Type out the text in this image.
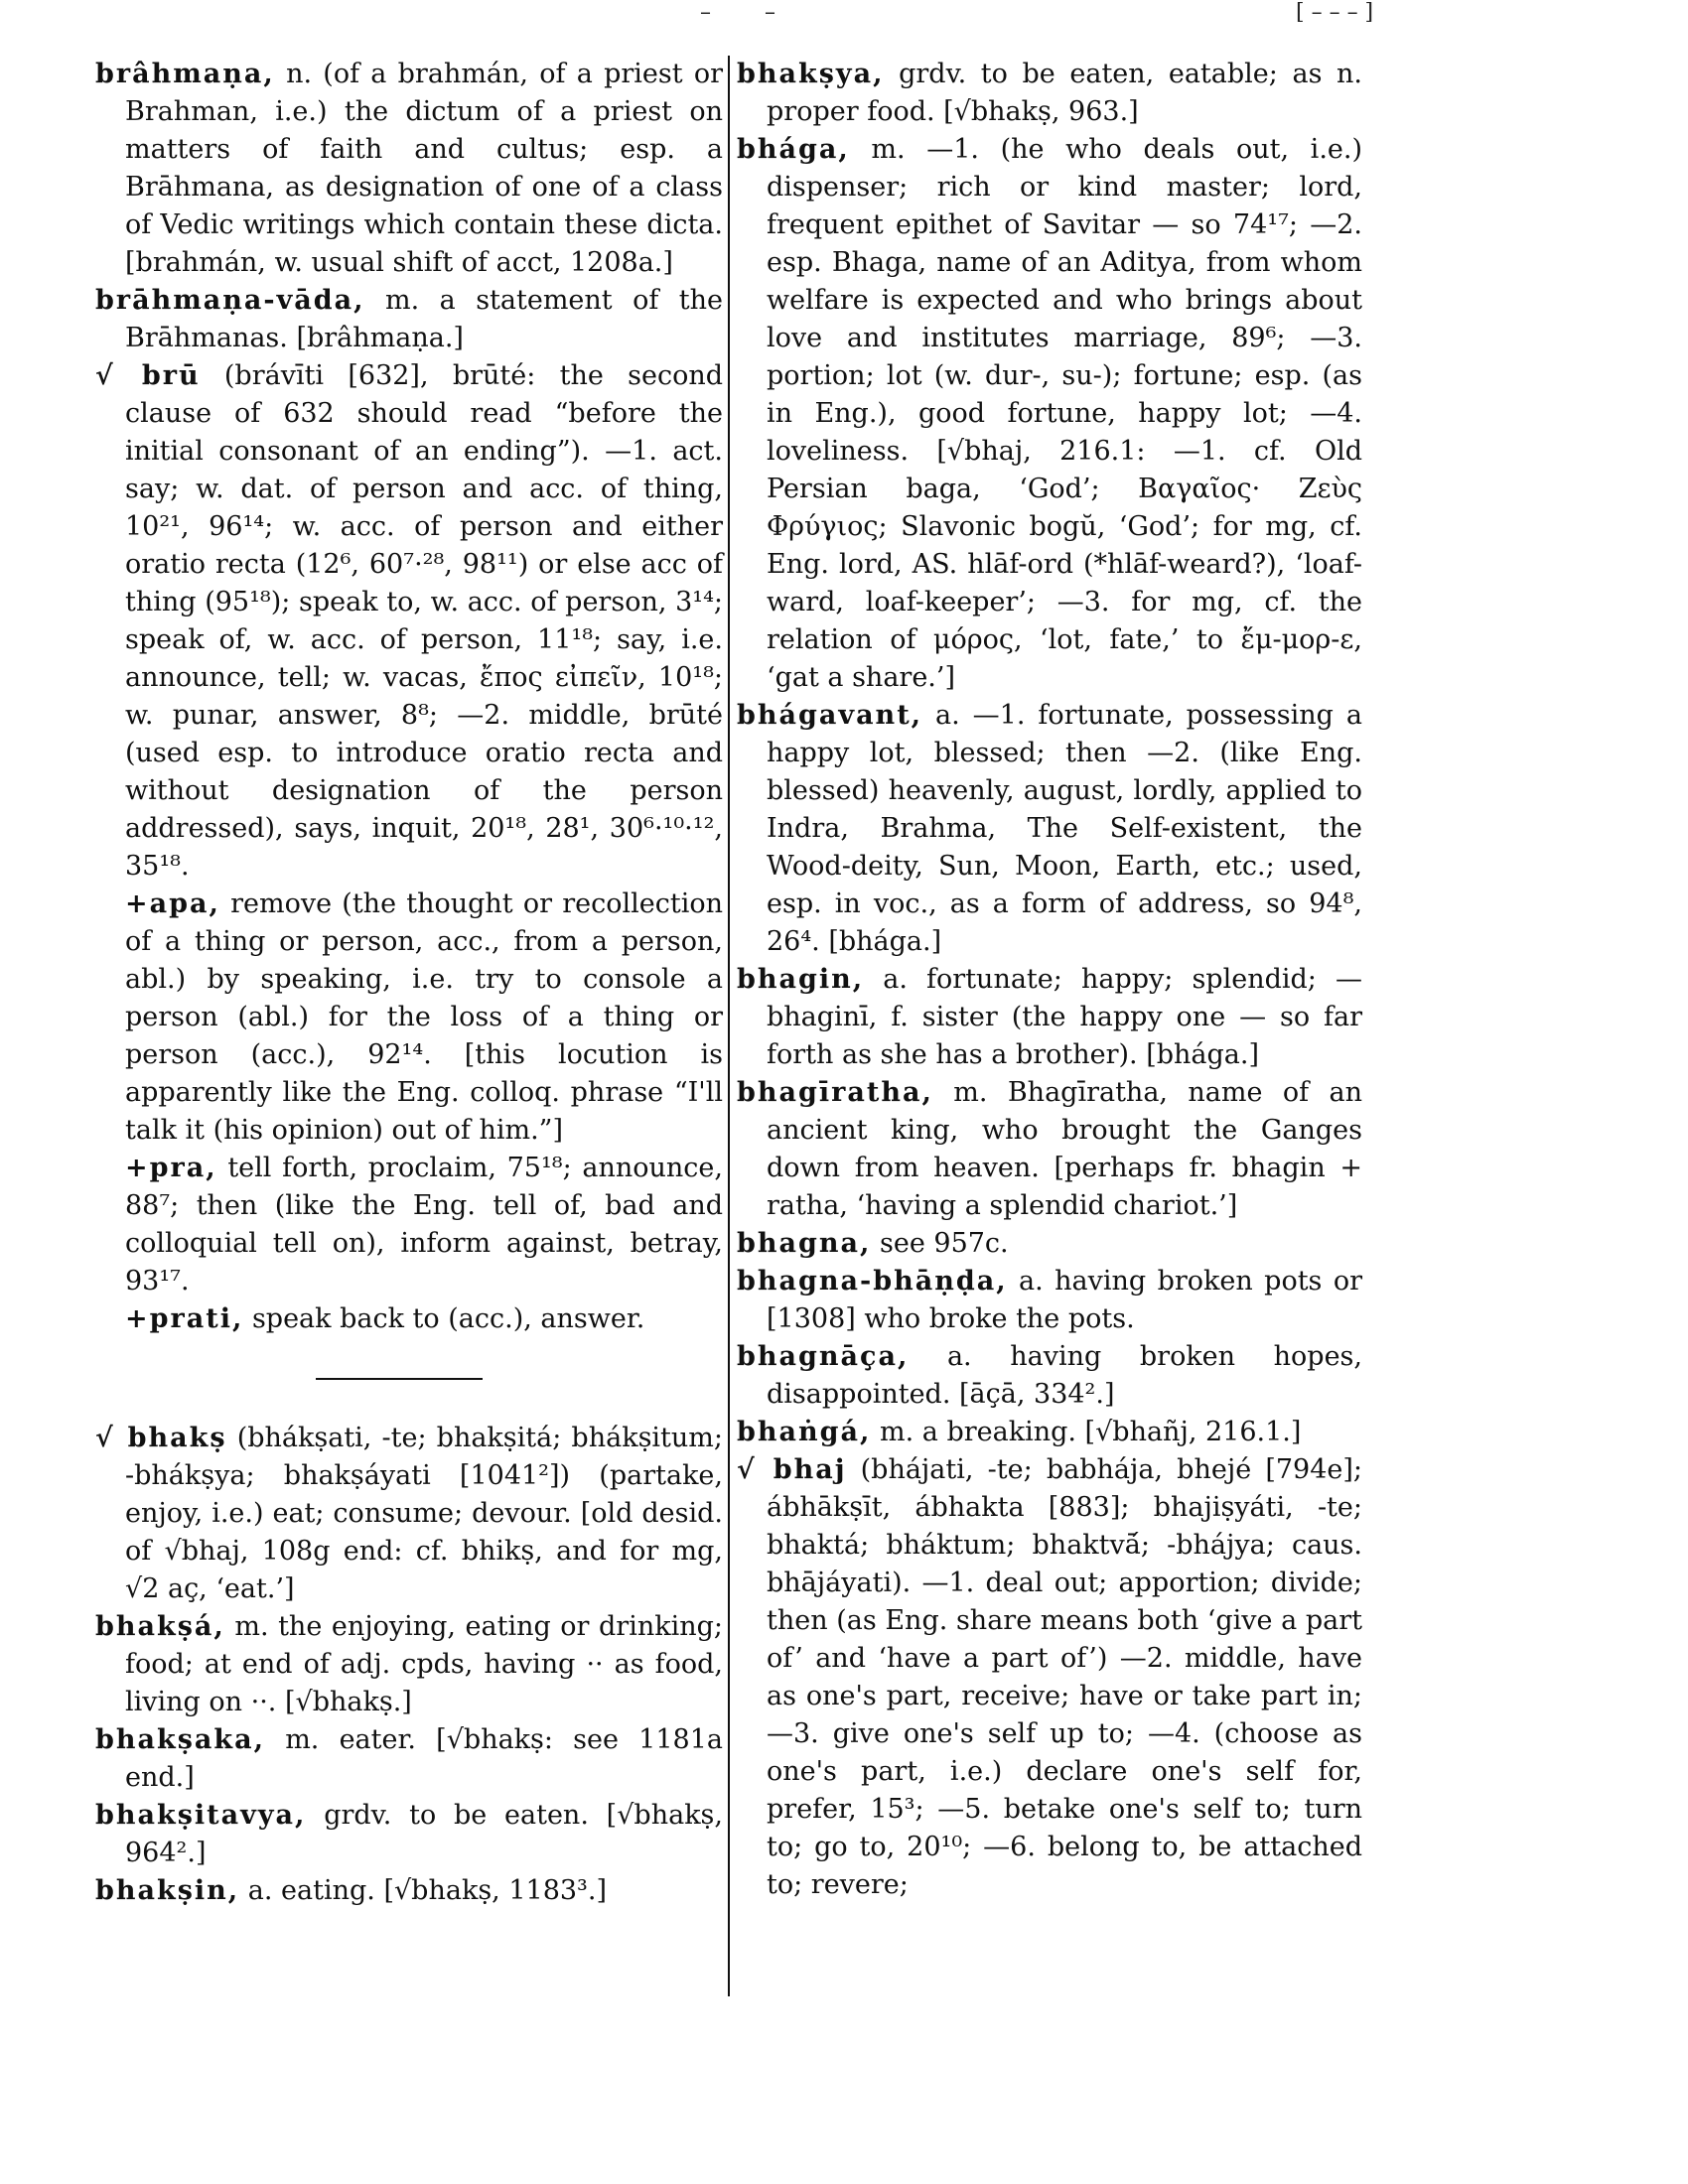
– –	[ – – – ]

brâhmaṇa, n. (of a brahmán, of a priest or Brahman, i.e.) the dictum of a priest on matters of faith and cultus; esp. a Brāhmana, as designation of one of a class of Vedic writings which contain these dicta. [brahmán, w. usual shift of acct, 1208a.]

brāhmaṇa-vāda, m. a statement of the Brāhmanas. [brâhmaṇa.]

√ brū (brávīti [632], brūté: the second clause of 632 should read “before the initial consonant of an ending”). —1. act. say; w. dat. of person and acc. of thing, 10²¹, 96¹⁴; w. acc. of person and either oratio recta (12⁶, 60⁷·²⁸, 98¹¹) or else acc of thing (95¹⁸); speak to, w. acc. of person, 3¹⁴; speak of, w. acc. of person, 11¹⁸; say, i.e. announce, tell; w. vacas, ἔπος εἰπεῖν, 10¹⁸; w. punar, answer, 8⁸; —2. middle, brūté (used esp. to introduce oratio recta and without designation of the person addressed), says, inquit, 20¹⁸, 28¹, 30⁶·¹⁰·¹², 35¹⁸.

+apa, remove (the thought or recollection of a thing or person, acc., from a person, abl.) by speaking, i.e. try to console a person (abl.) for the loss of a thing or person (acc.), 92¹⁴. [this locution is apparently like the Eng. colloq. phrase “I'll talk it (his opinion) out of him.”]

+pra, tell forth, proclaim, 75¹⁸; announce, 88⁷; then (like the Eng. tell of, bad and colloquial tell on), inform against, betray, 93¹⁷.

+prati, speak back to (acc.), answer.

√ bhakṣ (bhákṣati, -te; bhakṣitá; bhákṣitum; -bhákṣya; bhakṣáyati [1041²]) (partake, enjoy, i.e.) eat; consume; devour. [old desid. of √bhaj, 108g end: cf. bhikṣ, and for mg, √2 aç, ‘eat.’]

bhakṣá, m. the enjoying, eating or drinking; food; at end of adj. cpds, having ·· as food, living on ··. [√bhakṣ.]

bhakṣaka, m. eater. [√bhakṣ: see 1181a end.]

bhakṣitavya, grdv. to be eaten. [√bhakṣ, 964².]

bhakṣin, a. eating. [√bhakṣ, 1183³.]

bhakṣya, grdv. to be eaten, eatable; as n. proper food. [√bhakṣ, 963.]

bhága, m. —1. (he who deals out, i.e.) dispenser; rich or kind master; lord, frequent epithet of Savitar — so 74¹⁷; —2. esp. Bhaga, name of an Aditya, from whom welfare is expected and who brings about love and institutes marriage, 89⁶; —3. portion; lot (w. dur-, su-); fortune; esp. (as in Eng.), good fortune, happy lot; —4. loveliness. [√bhaj, 216.1: —1. cf. Old Persian baga, ‘God’; Βαγαῖος· Ζεὺς Φρύγιος; Slavonic bogŭ, ‘God’; for mg, cf. Eng. lord, AS. hlāf-ord (*hlāf-weard?), ‘loaf-ward, loaf-keeper’; —3. for mg, cf. the relation of μόρος, ‘lot, fate,’ to ἔμ-μορ-ε, ‘gat a share.’]

bhágavant, a. —1. fortunate, possessing a happy lot, blessed; then —2. (like Eng. blessed) heavenly, august, lordly, applied to Indra, Brahma, The Self-existent, the Wood-deity, Sun, Moon, Earth, etc.; used, esp. in voc., as a form of address, so 94⁸, 26⁴. [bhága.]

bhagin, a. fortunate; happy; splendid; —bhaginī, f. sister (the happy one — so far forth as she has a brother). [bhága.]

bhagīratha, m. Bhagīratha, name of an ancient king, who brought the Ganges down from heaven. [perhaps fr. bhagin + ratha, ‘having a splendid chariot.’]

bhagna, see 957c.

bhagna-bhāṇḍa, a. having broken pots or [1308] who broke the pots.

bhagnāça, a. having broken hopes, disappointed. [āçā, 334².]

bhaṅgá, m. a breaking. [√bhañj, 216.1.]

√ bhaj (bhájati, -te; babhája, bhejé [794e]; ábhākṣīt, ábhakta [883]; bhajiṣyáti, -te; bhaktá; bháktum; bhaktvā́; -bhájya; caus. bhājáyati). —1. deal out; apportion; divide; then (as Eng. share means both ‘give a part of’ and ‘have a part of’) —2. middle, have as one's part, receive; have or take part in; —3. give one's self up to; —4. (choose as one's part, i.e.) declare one's self for, prefer, 15³; —5. betake one's self to; turn to; go to, 20¹⁰; —6. belong to, be attached to; revere;
